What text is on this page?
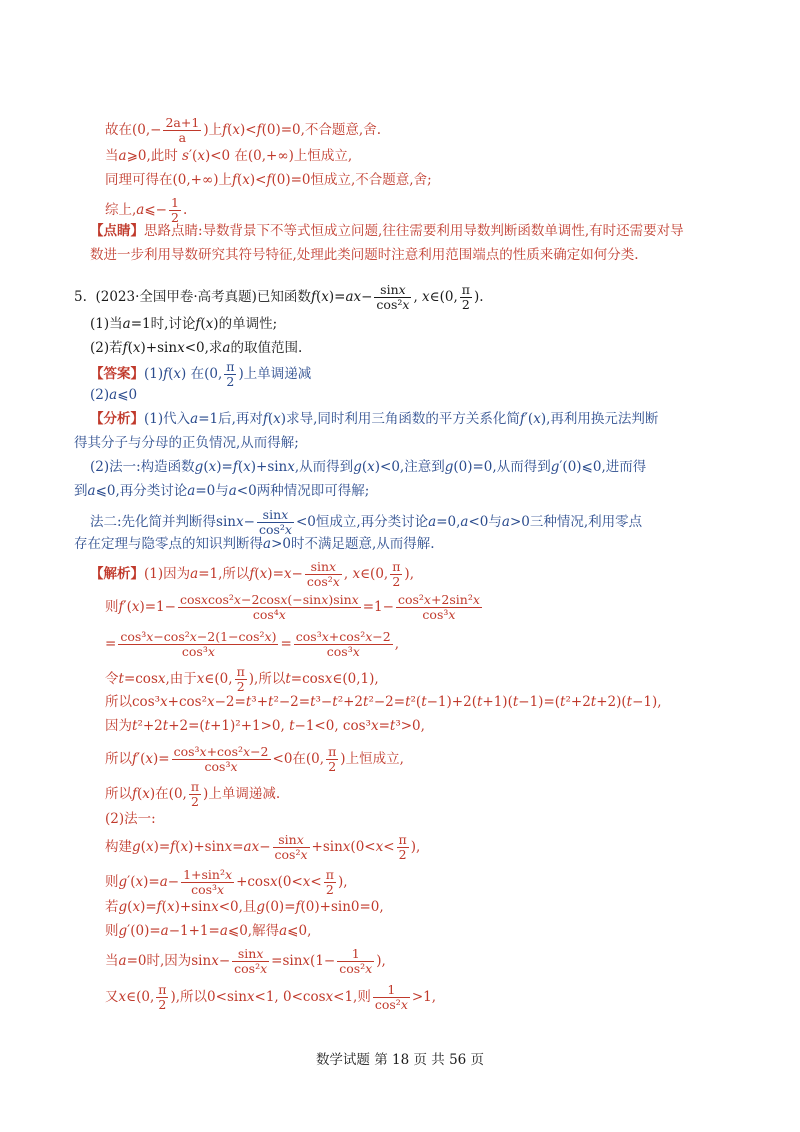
故在($0,- \frac{2a+1}{a}$ )上f(x)<f(0)=0,不合题意,舍.
当a⩾0,此时 s′(x)<0 在(0,+∞)上恒成立,
同理可得在(0,+∞)上f(x)<f(0)=0恒成立,不合题意,舍;
综上,a⩽− $\frac{1}{2}$ .
【点睛】思路点睛:导数背景下不等式恒成立问题,往往需要利用导数判断函数单调性,有时还需要对导
数进一步利用导数研究其符号特征,处理此类问题时注意利用范围端点的性质来确定如何分类.
5.  (2023·全国甲卷·高考真题)已知函数$f(x)=ax- \frac{\sin x}{\text{cos²x}}$ , x∈(0, $\frac{\pi}{2}$ ).
(1)当a=1时,讨论f(x)的单调性;
(2)若f(x)+sinx<0,求a的取值范围.
【答案】(1)f(x) 在(0, $\frac{\pi}{2}$ )上单调递减
(2)a⩽0
【分析】(1)代入a=1后,再对f(x)求导,同时利用三角函数的平方关系化简f′(x),再利用换元法判断
得其分子与分母的正负情况,从而得解;
(2)法一:构造函数g(x)=f(x)+sinx,从而得到g(x)<0,注意到g(0)=0,从而得到g′(0)⩽0,进而得
到a⩽0,再分类讨论a=0与a<0两种情况即可得解;
法二:先化简并判断得$\sin x- \frac{\sin x}{\text{cos²x}} <0$恒成立,再分类讨论a=0,a<0与a>0三种情况,利用零点
存在定理与隐零点的知识判断得a>0时不满足题意,从而得解.
【解析】(1)因为a=1,所以$f(x)=x- \frac{\sin x}{\text{cos²x}}$ , x∈(0, $\frac{\pi}{2}$ ),
则$f'(x)=1- \frac{\text{cosxcos²x−2cosx(−sinx)sinx}}{\text{cos⁴x}} =1- \frac{\text{cos²x+2sin²x}}{\text{cos³x}}$
= $\frac{\text{cos³x−cos²x−2(1−cos²x)}}{\text{cos³x}} = \frac{\text{cos³x+cos²x−2}}{\text{cos³x}}$ ,
令t=cosx,由于x∈(0, $\frac{\pi}{2}$ ),所以t=cosx∈(0,1),
所以cos³x+cos²x−2=t³+t²−2=t³−t²+2t²−2=t²(t−1)+2(t+1)(t−1)=(t²+2t+2)(t−1),
因为t²+2t+2=(t+1)²+1>0, t−1<0, cos³x=t³>0,
所以$f'(x)= \frac{\text{cos³x+cos²x−2}}{\text{cos³x}} <0$在(0, $\frac{\pi}{2}$ )上恒成立,
所以f(x)在(0, $\frac{\pi}{2}$ )上单调递减.
(2)法一:
构建$g(x)=f(x)+\sin x=ax- \frac{\sin x}{\text{cos²x}} +\sin x(0<x< \frac{\pi}{2}$ ),
则$g'(x)=a- \frac{\text{1+sin²x}}{\text{cos³x}} +\cos x(0<x< \frac{\pi}{2}$ ),
若g(x)=f(x)+sinx<0,且g(0)=f(0)+sin0=0,
则g′(0)=a−1+1=a⩽0,解得a⩽0,
当a=0时,因为$\sin x- \frac{\sin x}{\text{cos²x}} =\sin x(1- \frac{1}{\text{cos²x}}$ ),
又x∈(0, $\frac{\pi}{2}$ ),所以0<sinx<1, 0<cosx<1,则 $\frac{1}{\text{cos²x}} >1$,
数学试题 第 18 页 共 56 页
